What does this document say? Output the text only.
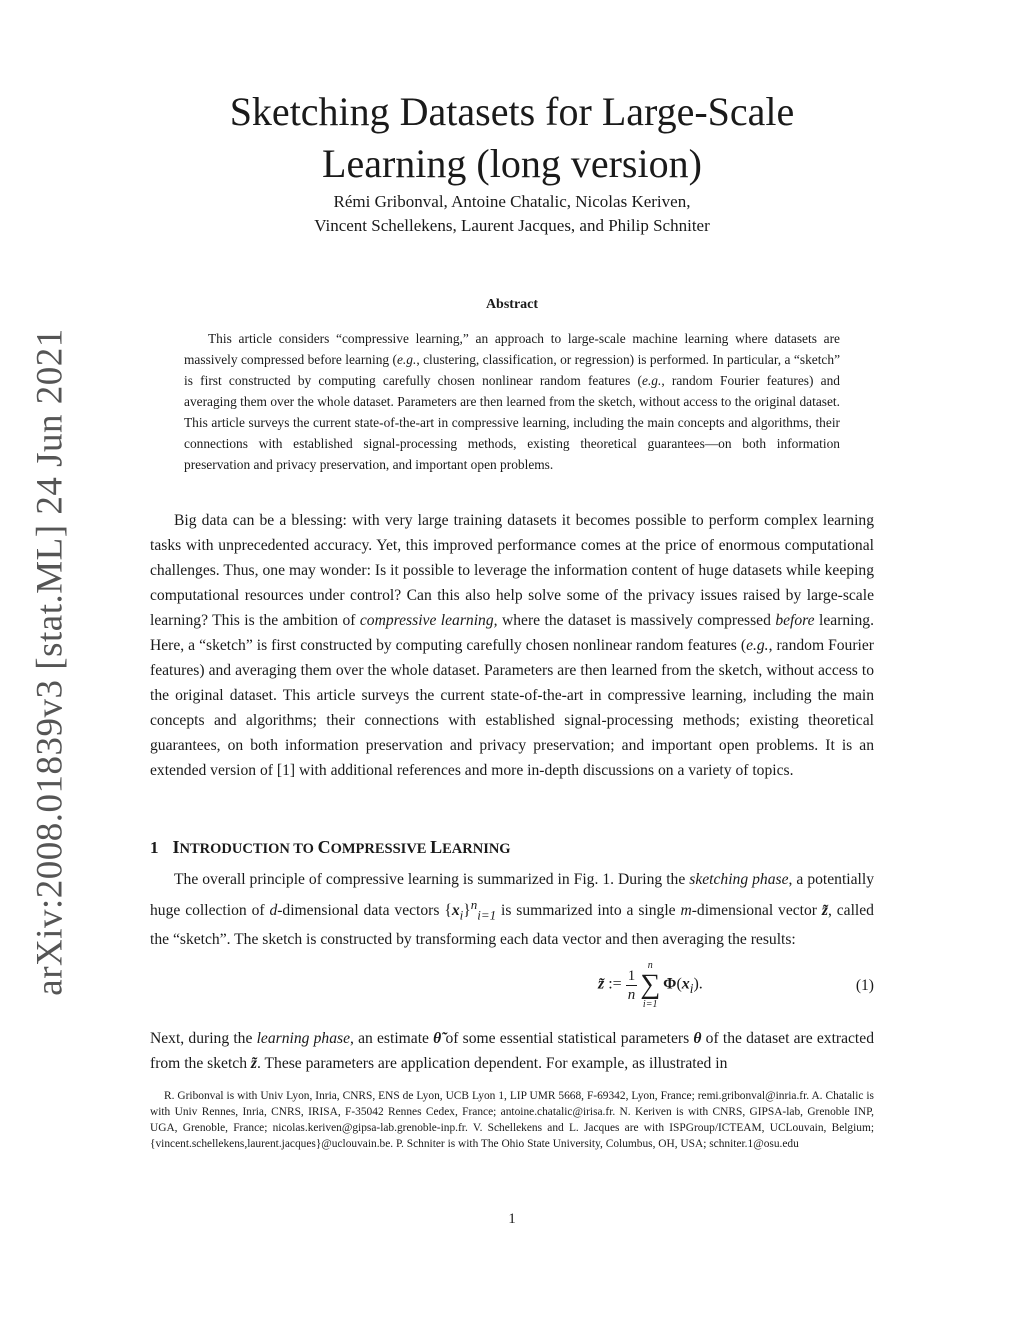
arXiv:2008.01839v3 [stat.ML] 24 Jun 2021
Sketching Datasets for Large-Scale
Learning (long version)
Rémi Gribonval, Antoine Chatalic, Nicolas Keriven,
Vincent Schellekens, Laurent Jacques, and Philip Schniter
Abstract

This article considers “compressive learning,” an approach to large-scale machine learning where datasets are massively compressed before learning (e.g., clustering, classification, or regression) is performed. In particular, a “sketch” is first constructed by computing carefully chosen nonlinear random features (e.g., random Fourier features) and averaging them over the whole dataset. Parameters are then learned from the sketch, without access to the original dataset. This article surveys the current state-of-the-art in compressive learning, including the main concepts and algorithms, their connections with established signal-processing methods, existing theoretical guarantees—on both information preservation and privacy preservation, and important open problems.

Big data can be a blessing: with very large training datasets it becomes possible to perform complex learning tasks with unprecedented accuracy. Yet, this improved performance comes at the price of enormous computational challenges. Thus, one may wonder: Is it possible to leverage the information content of huge datasets while keeping computational resources under control? Can this also help solve some of the privacy issues raised by large-scale learning? This is the ambition of compressive learning, where the dataset is massively compressed before learning. Here, a “sketch” is first constructed by computing carefully chosen nonlinear random features (e.g., random Fourier features) and averaging them over the whole dataset. Parameters are then learned from the sketch, without access to the original dataset. This article surveys the current state-of-the-art in compressive learning, including the main concepts and algorithms; their connections with established signal-processing methods; existing theoretical guarantees, on both information preservation and privacy preservation; and important open problems. It is an extended version of [1] with additional references and more in-depth discussions on a variety of topics.

1 INTRODUCTION TO COMPRESSIVE LEARNING

The overall principle of compressive learning is summarized in Fig. 1. During the sketching phase, a potentially huge collection of d-dimensional data vectors $\{x_i\}^n_{i=1}$ is summarized into a single m-dimensional vector z̃, called the “sketch”. The sketch is constructed by transforming each data vector and then averaging the results:

z̃ := $\frac{1}{n}$
n
∑
i=1
$\Phi(x_i)$.	(1)

Next, during the learning phase, an estimate θ̃ of some essential statistical parameters θ of the dataset are extracted from the sketch z̃. These parameters are application dependent. For example, as illustrated in

R. Gribonval is with Univ Lyon, Inria, CNRS, ENS de Lyon, UCB Lyon 1, LIP UMR 5668, F-69342, Lyon, France; remi.gribonval@inria.fr. A. Chatalic is with Univ Rennes, Inria, CNRS, IRISA, F-35042 Rennes Cedex, France; antoine.chatalic@irisa.fr. N. Keriven is with CNRS, GIPSA-lab, Grenoble INP, UGA, Grenoble, France; nicolas.keriven@gipsa-lab.grenoble-inp.fr. V. Schellekens and L. Jacques are with ISPGroup/ICTEAM, UCLouvain, Belgium; {vincent.schellekens,laurent.jacques}@uclouvain.be. P. Schniter is with The Ohio State University, Columbus, OH, USA; schniter.1@osu.edu

1
